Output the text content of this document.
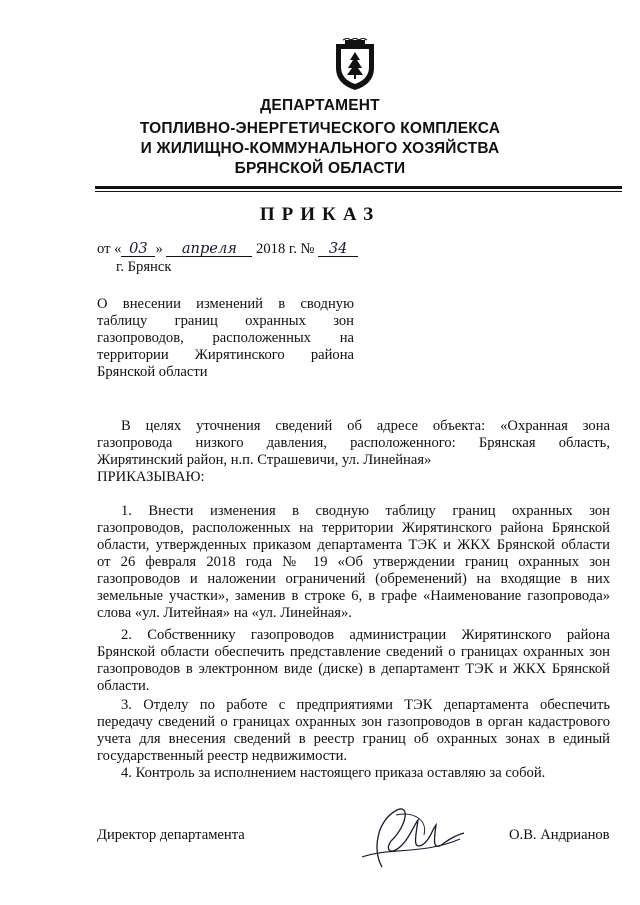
ДЕПАРТАМЕНТ
ТОПЛИВНО-ЭНЕРГЕТИЧЕСКОГО КОМПЛЕКСА
И ЖИЛИЩНО-КОММУНАЛЬНОГО ХОЗЯЙСТВА
БРЯНСКОЙ ОБЛАСТИ
ПРИКАЗ
от « 03 » апреля 2018 г. № 34
г. Брянск

О внесении изменений в сводную

таблицу границ охранных зон

газопроводов, расположенных на

территории Жирятинского района

Брянской области

В целях уточнения сведений об адресе объекта: «Охранная зона

газопровода низкого давления, расположенного: Брянская область,

Жирятинский район, н.п. Страшевичи, ул. Линейная»

ПРИКАЗЫВАЮ:

1. Внести изменения в сводную таблицу границ охранных зон

газопроводов, расположенных на территории Жирятинского района Брянской

области, утвержденных приказом департамента ТЭК и ЖКХ Брянской области

от 26 февраля 2018 года № 19 «Об утверждении границ охранных зон

газопроводов и наложении ограничений (обременений) на входящие в них

земельные участки», заменив в строке 6, в графе «Наименование газопровода»

слова «ул. Литейная» на «ул. Линейная».

2. Собственнику газопроводов администрации Жирятинского района

Брянской области обеспечить представление сведений о границах охранных зон

газопроводов в электронном виде (диске) в департамент ТЭК и ЖКХ Брянской

области.

3. Отделу по работе с предприятиями ТЭК департамента обеспечить

передачу сведений о границах охранных зон газопроводов в орган кадастрового

учета для внесения сведений в реестр границ об охранных зонах в единый

государственный реестр недвижимости.

4. Контроль за исполнением настоящего приказа оставляю за собой.

Директор департамента	О.В. Андрианов
